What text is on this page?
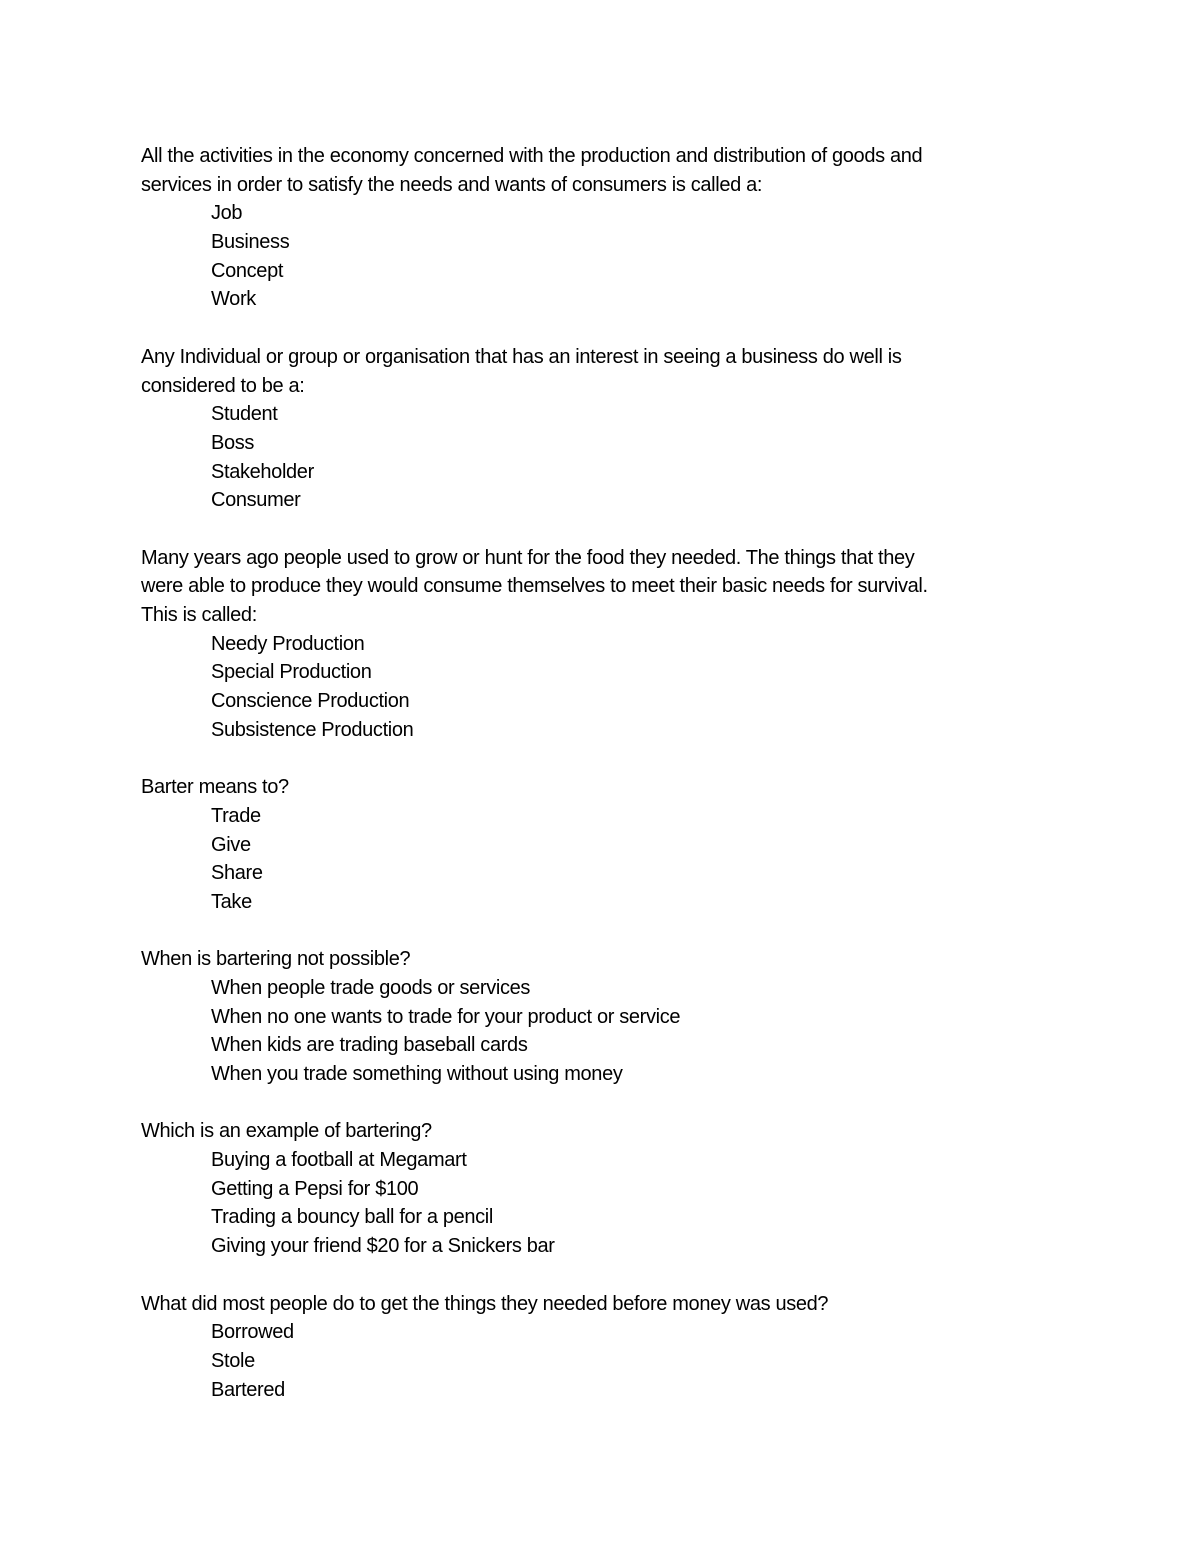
All the activities in the economy concerned with the production and distribution of goods and
services in order to satisfy the needs and wants of consumers is called a:
Job
Business
Concept
Work
Any Individual or group or organisation that has an interest in seeing a business do well is
considered to be a:
Student
Boss
Stakeholder
Consumer
Many years ago people used to grow or hunt for the food they needed. The things that they
were able to produce they would consume themselves to meet their basic needs for survival.
This is called:
Needy Production
Special Production
Conscience Production
Subsistence Production
Barter means to?
Trade
Give
Share
Take
When is bartering not possible?
When people trade goods or services
When no one wants to trade for your product or service
When kids are trading baseball cards
When you trade something without using money
Which is an example of bartering?
Buying a football at Megamart
Getting a Pepsi for $100
Trading a bouncy ball for a pencil
Giving your friend $20 for a Snickers bar
What did most people do to get the things they needed before money was used?
Borrowed
Stole
Bartered
